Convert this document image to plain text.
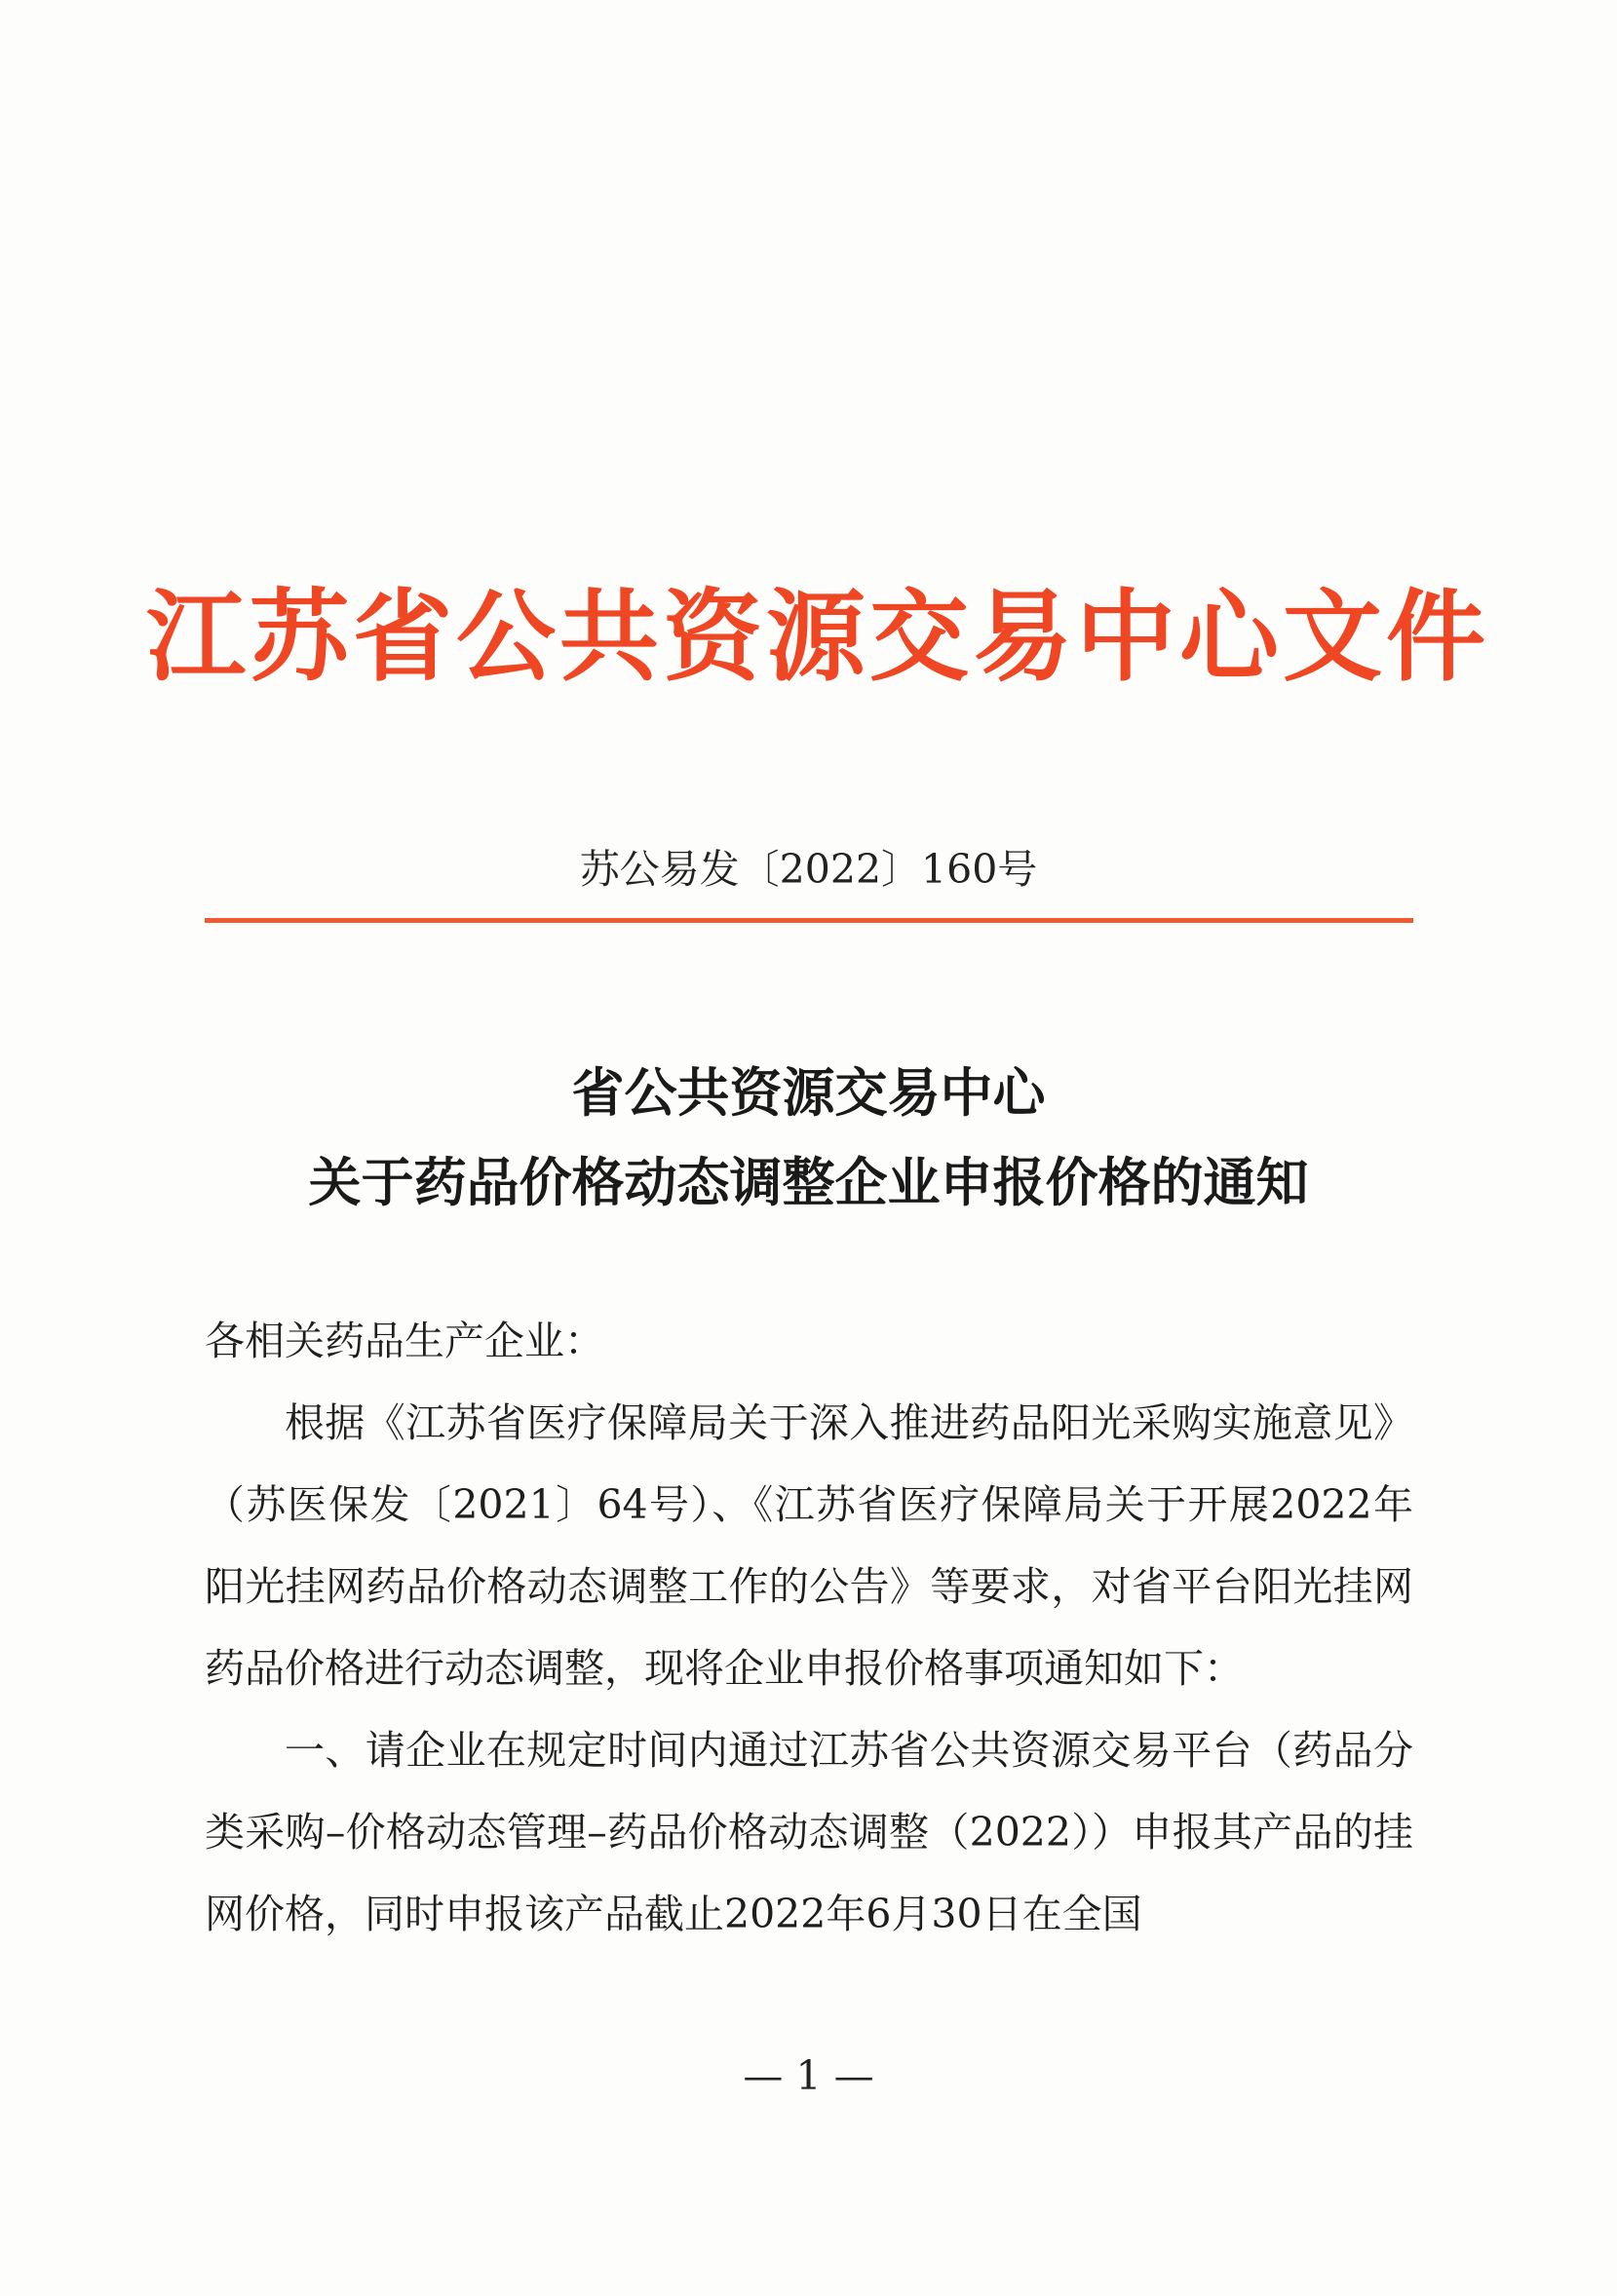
江苏省公共资源交易中心文件
苏公易发〔2022〕160号
省公共资源交易中心
关于药品价格动态调整企业申报价格的通知

各相关药品生产企业：

根据《江苏省医疗保障局关于深入推进药品阳光采购实施意见》（苏医保发〔2021〕64号）、《江苏省医疗保障局关于开展2022年阳光挂网药品价格动态调整工作的公告》等要求，对省平台阳光挂网药品价格进行动态调整，现将企业申报价格事项通知如下：

一、请企业在规定时间内通过江苏省公共资源交易平台（药品分类采购–价格动态管理–药品价格动态调整（2022））申报其产品的挂网价格，同时申报该产品截止2022年6月30日在全国

— 1 —
